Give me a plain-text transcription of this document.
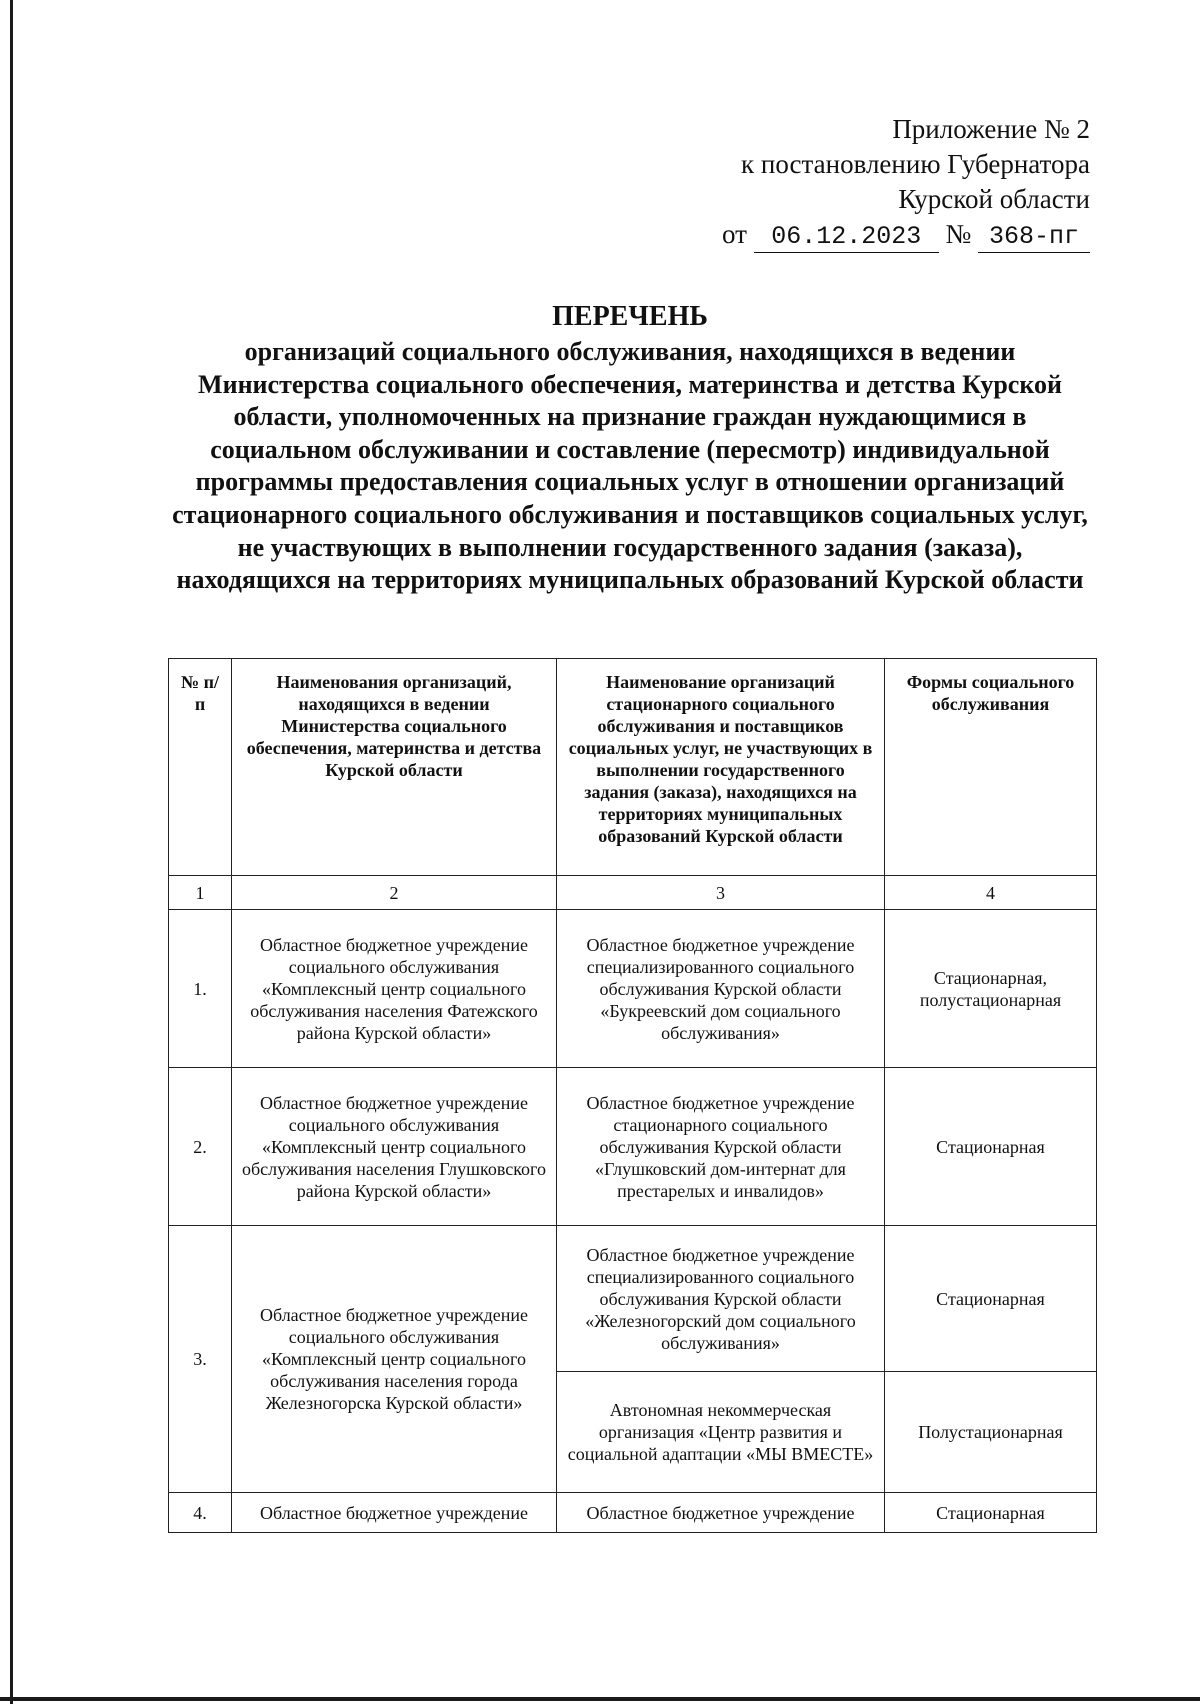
Приложение № 2
к постановлению Губернатора
Курской области
от 06.12.2023 № 368-пг
ПЕРЕЧЕНЬ
организаций социального обслуживания, находящихся в ведении Министерства социального обеспечения, материнства и детства Курской области, уполномоченных на признание граждан нуждающимися в социальном обслуживании и составление (пересмотр) индивидуальной программы предоставления социальных услуг в отношении организаций стационарного социального обслуживания и поставщиков социальных услуг, не участвующих в выполнении государственного задания (заказа), находящихся на территориях муниципальных образований Курской области
№ п/п	Наименования организаций, находящихся в ведении Министерства социального обеспечения, материнства и детства Курской области	Наименование организаций стационарного социального обслуживания и поставщиков социальных услуг, не участвующих в выполнении государственного задания (заказа), находящихся на территориях муниципальных образований Курской области	Формы социального обслуживания
1	2	3	4
1.	Областное бюджетное учреждение социального обслуживания «Комплексный центр социального обслуживания населения Фатежского района Курской области»	Областное бюджетное учреждение специализированного социального обслуживания Курской области «Букреевский дом социального обслуживания»	Стационарная, полустационарная
2.	Областное бюджетное учреждение социального обслуживания «Комплексный центр социального обслуживания населения Глушковского района Курской области»	Областное бюджетное учреждение стационарного социального обслуживания Курской области «Глушковский дом-интернат для престарелых и инвалидов»	Стационарная
3.	Областное бюджетное учреждение социального обслуживания «Комплексный центр социального обслуживания населения города Железногорска Курской области»	Областное бюджетное учреждение специализированного социального обслуживания Курской области «Железногорский дом социального обслуживания»	Стационарная
		Автономная некоммерческая организация «Центр развития и социальной адаптации «МЫ ВМЕСТЕ»	Полустационарная
4.	Областное бюджетное учреждение	Областное бюджетное учреждение	Стационарная
